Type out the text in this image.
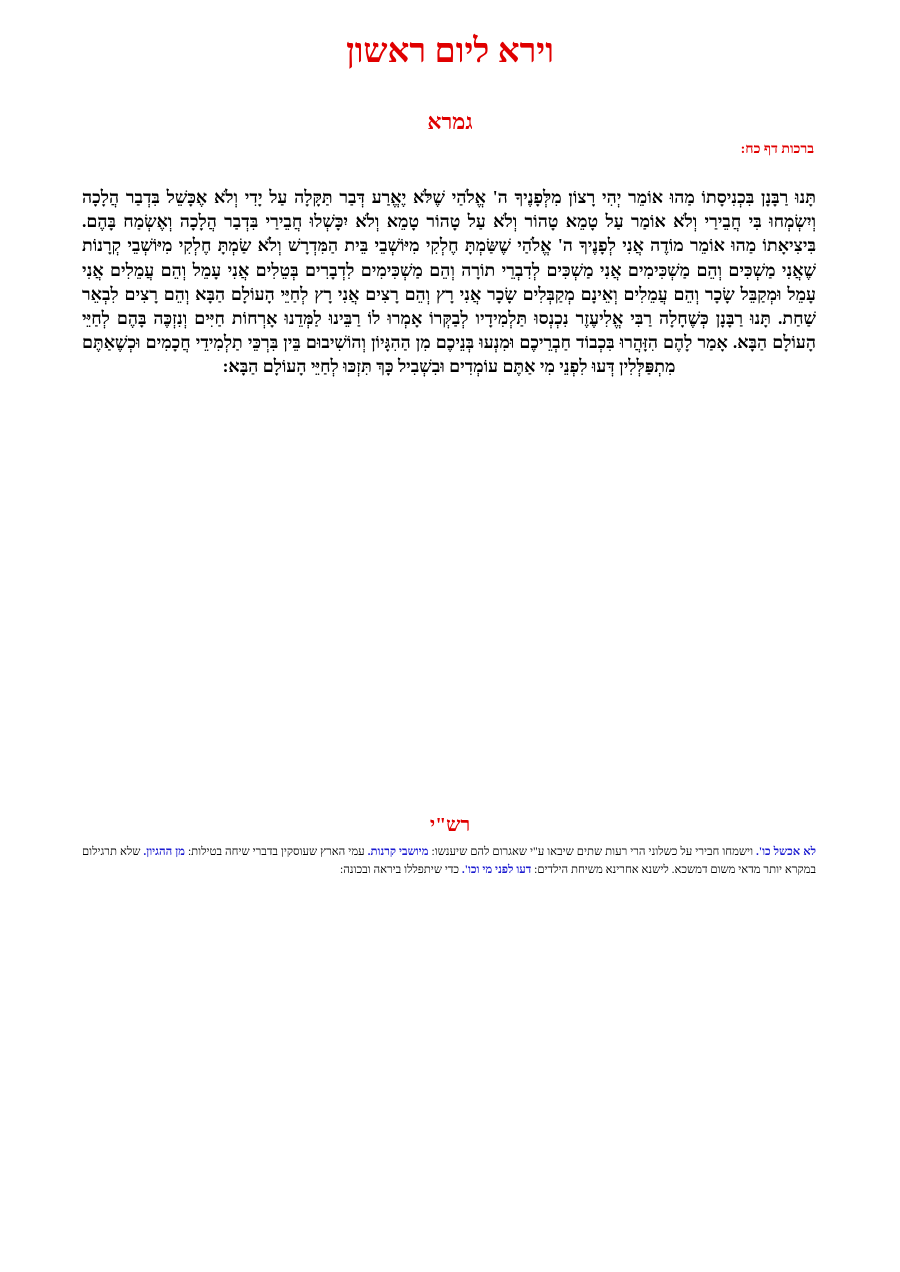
וירא ליום ראשון
גמרא
ברכות דף כח:
תָּנוּ רַבָּנָן בִּכְנִיסָתוֹ מַהוּ אוֹמֵר יְהִי רָצוֹן מִלְּפָנֶיךָ ה' אֱלֹהַי שֶׁלֹּא יֶאֱרַע דְּבַר תַּקָּלָה עַל יָדִי וְלֹא אֶכָּשֵׁל בִּדְבַר הֲלָכָה וְיִשְׂמְחוּ בִּי חֲבֵירַי וְלֹא אוֹמַר עַל טָמֵא טָהוֹר וְלֹא עַל טָהוֹר טָמֵא וְלֹא יִכָּשְׁלוּ חֲבֵירַי בִּדְבַר הֲלָכָה וְאֶשְׂמַח בָּהֶם. בִּיצִיאָתוֹ מַהוּ אוֹמֵר מוֹדֶה אֲנִי לְפָנֶיךָ ה' אֱלֹהַי שֶׁשַּׂמְתָּ חֶלְקִי מִיּוֹשְׁבֵי בֵּית הַמִּדְרָשׁ וְלֹא שַׂמְתָּ חֶלְקִי מִיּוֹשְׁבֵי קְרָנוֹת שֶׁאֲנִי מַשְׁכִּים וְהֵם מַשְׁכִּימִים אֲנִי מַשְׁכִּים לְדִבְרֵי תוֹרָה וְהֵם מַשְׁכִּימִים לִדְבָרִים בְּטֵלִים אֲנִי עָמֵל וְהֵם עֲמֵלִים אֲנִי עָמֵל וּמְקַבֵּל שָׂכָר וְהֵם עֲמֵלִים וְאֵינָם מְקַבְּלִים שָׂכָר אֲנִי רָץ וְהֵם רָצִים אֲנִי רָץ לְחַיֵּי הָעוֹלָם הַבָּא וְהֵם רָצִים לִבְאֵר שַׁחַת. תָּנוּ רַבָּנָן כְּשֶׁחָלָה רַבִּי אֱלִיעֶזֶר נִכְנְסוּ תַּלְמִידָיו לְבַקְּרוֹ אָמְרוּ לוֹ רַבֵּינוּ לַמְּדֵנוּ אָרְחוֹת חַיִּים וְנִזְכֶּה בָּהֶם לְחַיֵּי הָעוֹלָם הַבָּא. אָמַר לָהֶם הִזָּהֲרוּ בִּכְבוֹד חַבְרֵיכֶם וּמִנְעוּ בְּנֵיכֶם מִן הַהִגָּיוֹן וְהוֹשִׁיבוּם בֵּין בִּרְכֵּי תַלְמִידֵי חֲכָמִים וּכְשֶׁאַתֶּם מִתְפַּלְּלִין דְּעוּ לִפְנֵי מִי אַתֶּם עוֹמְדִים וּבִשְׁבִיל כָּךְ תִּזְכּוּ לְחַיֵּי הָעוֹלָם הַבָּא:
רש"י
לא אכשל כו'. וישמחו חבירי על כשלוני הרי רעות שתים שיבאו ע"י שאגרום להם שיענשו: מיושבי קרנות. עמי הארץ שעוסקין בדברי שיחה בטילות: מן ההגיון. שלא תרגילום במקרא יותר מדאי משום דמשכא. לישנא אחרינא משיחת הילדים: דעו לפני מי וכו'. כדי שיתפללו ביראה ובכונה:
